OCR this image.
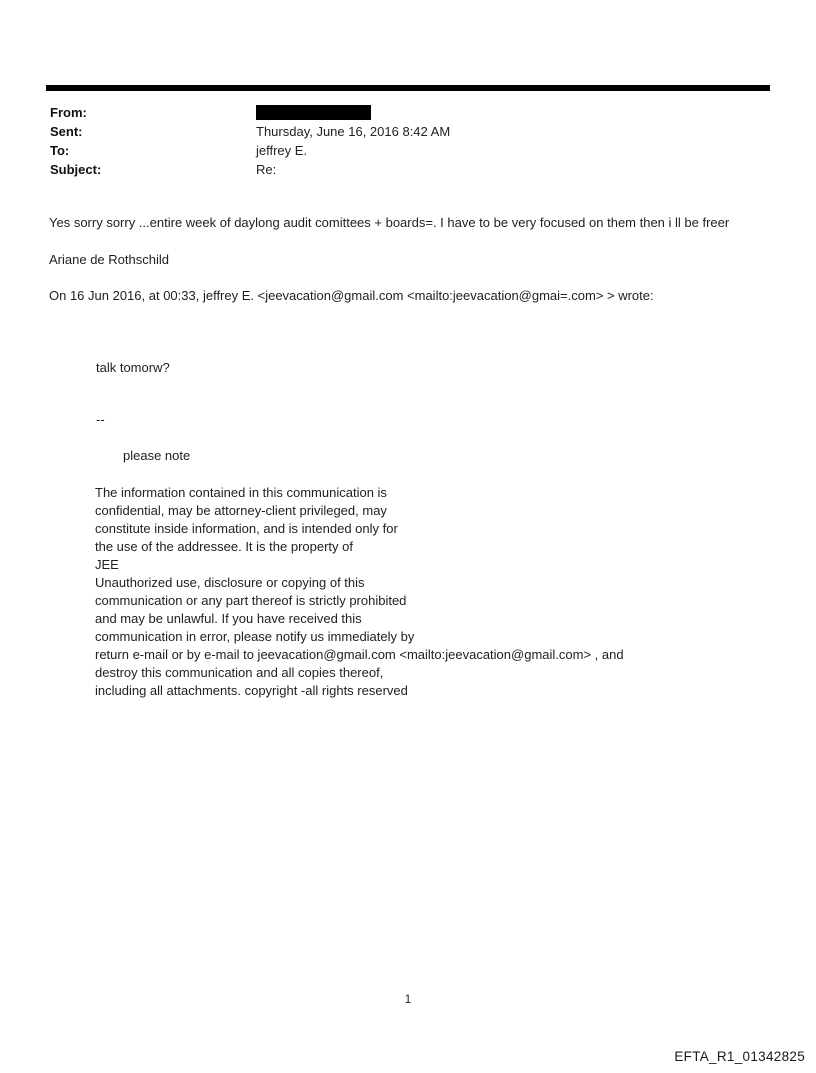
From:
Sent:	Thursday, June 16, 2016 8:42 AM
To:	jeffrey E.
Subject:	Re:
Yes sorry sorry ...entire week of daylong audit comittees + boards=. I have to be very focused on them then i ll be freer
Ariane de Rothschild
On 16 Jun 2016, at 00:33, jeffrey E. <jeevacation@gmail.com <mailto:jeevacation@gmai=.com> > wrote:
talk tomorw?
--
please note
The information contained in this communication is
confidential, may be attorney-client privileged, may
constitute inside information, and is intended only for
the use of the addressee. It is the property of
JEE
Unauthorized use, disclosure or copying of this
communication or any part thereof is strictly prohibited
and may be unlawful. If you have received this
communication in error, please notify us immediately by
return e-mail or by e-mail to jeevacation@gmail.com <mailto:jeevacation@gmail.com> , and
destroy this communication and all copies thereof,
including all attachments. copyright -all rights reserved
1
EFTA_R1_01342825
